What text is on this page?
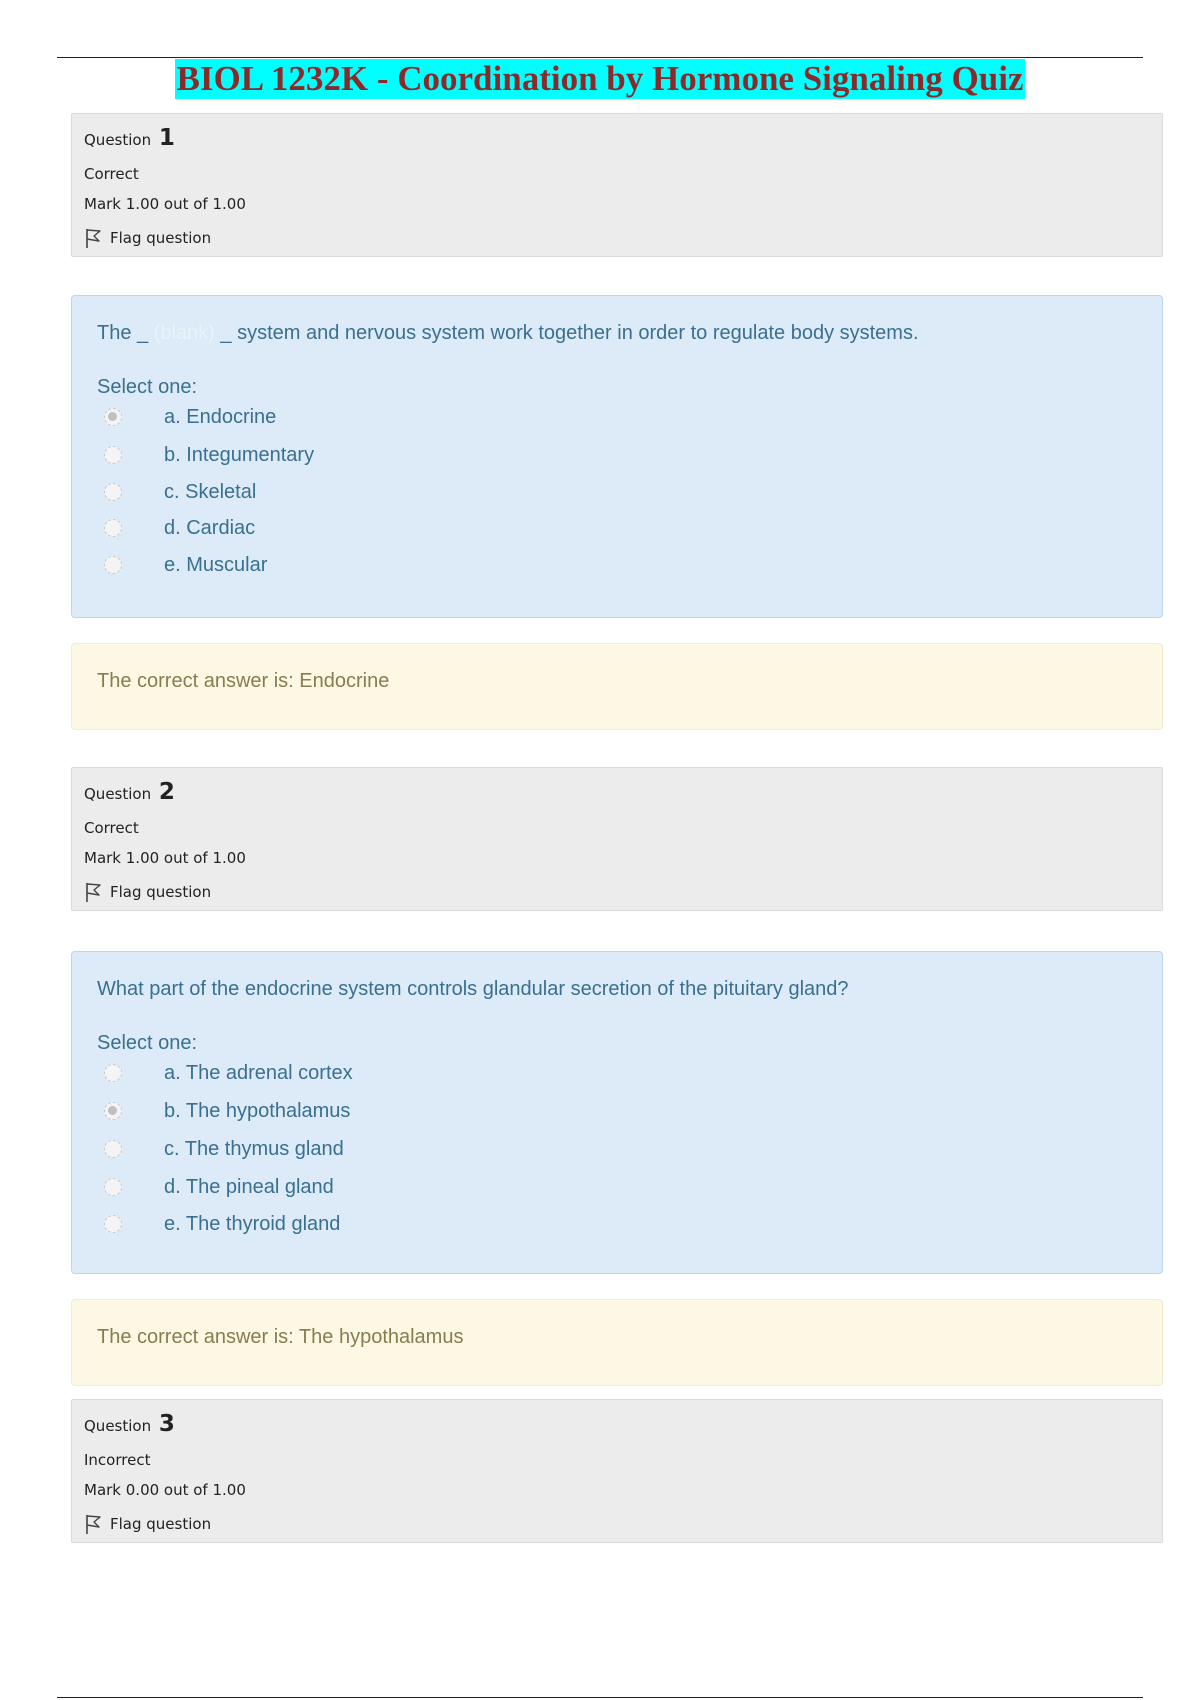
BIOL 1232K - Coordination by Hormone Signaling Quiz
Question 1
Correct
Mark 1.00 out of 1.00
Flag question
The _ (blank) _ system and nervous system work together in order to regulate body systems.
Select one:
a. Endocrine
b. Integumentary
c. Skeletal
d. Cardiac
e. Muscular
The correct answer is: Endocrine
Question 2
Correct
Mark 1.00 out of 1.00
Flag question
What part of the endocrine system controls glandular secretion of the pituitary gland?
Select one:
a. The adrenal cortex
b. The hypothalamus
c. The thymus gland
d. The pineal gland
e. The thyroid gland
The correct answer is: The hypothalamus
Question 3
Incorrect
Mark 0.00 out of 1.00
Flag question
